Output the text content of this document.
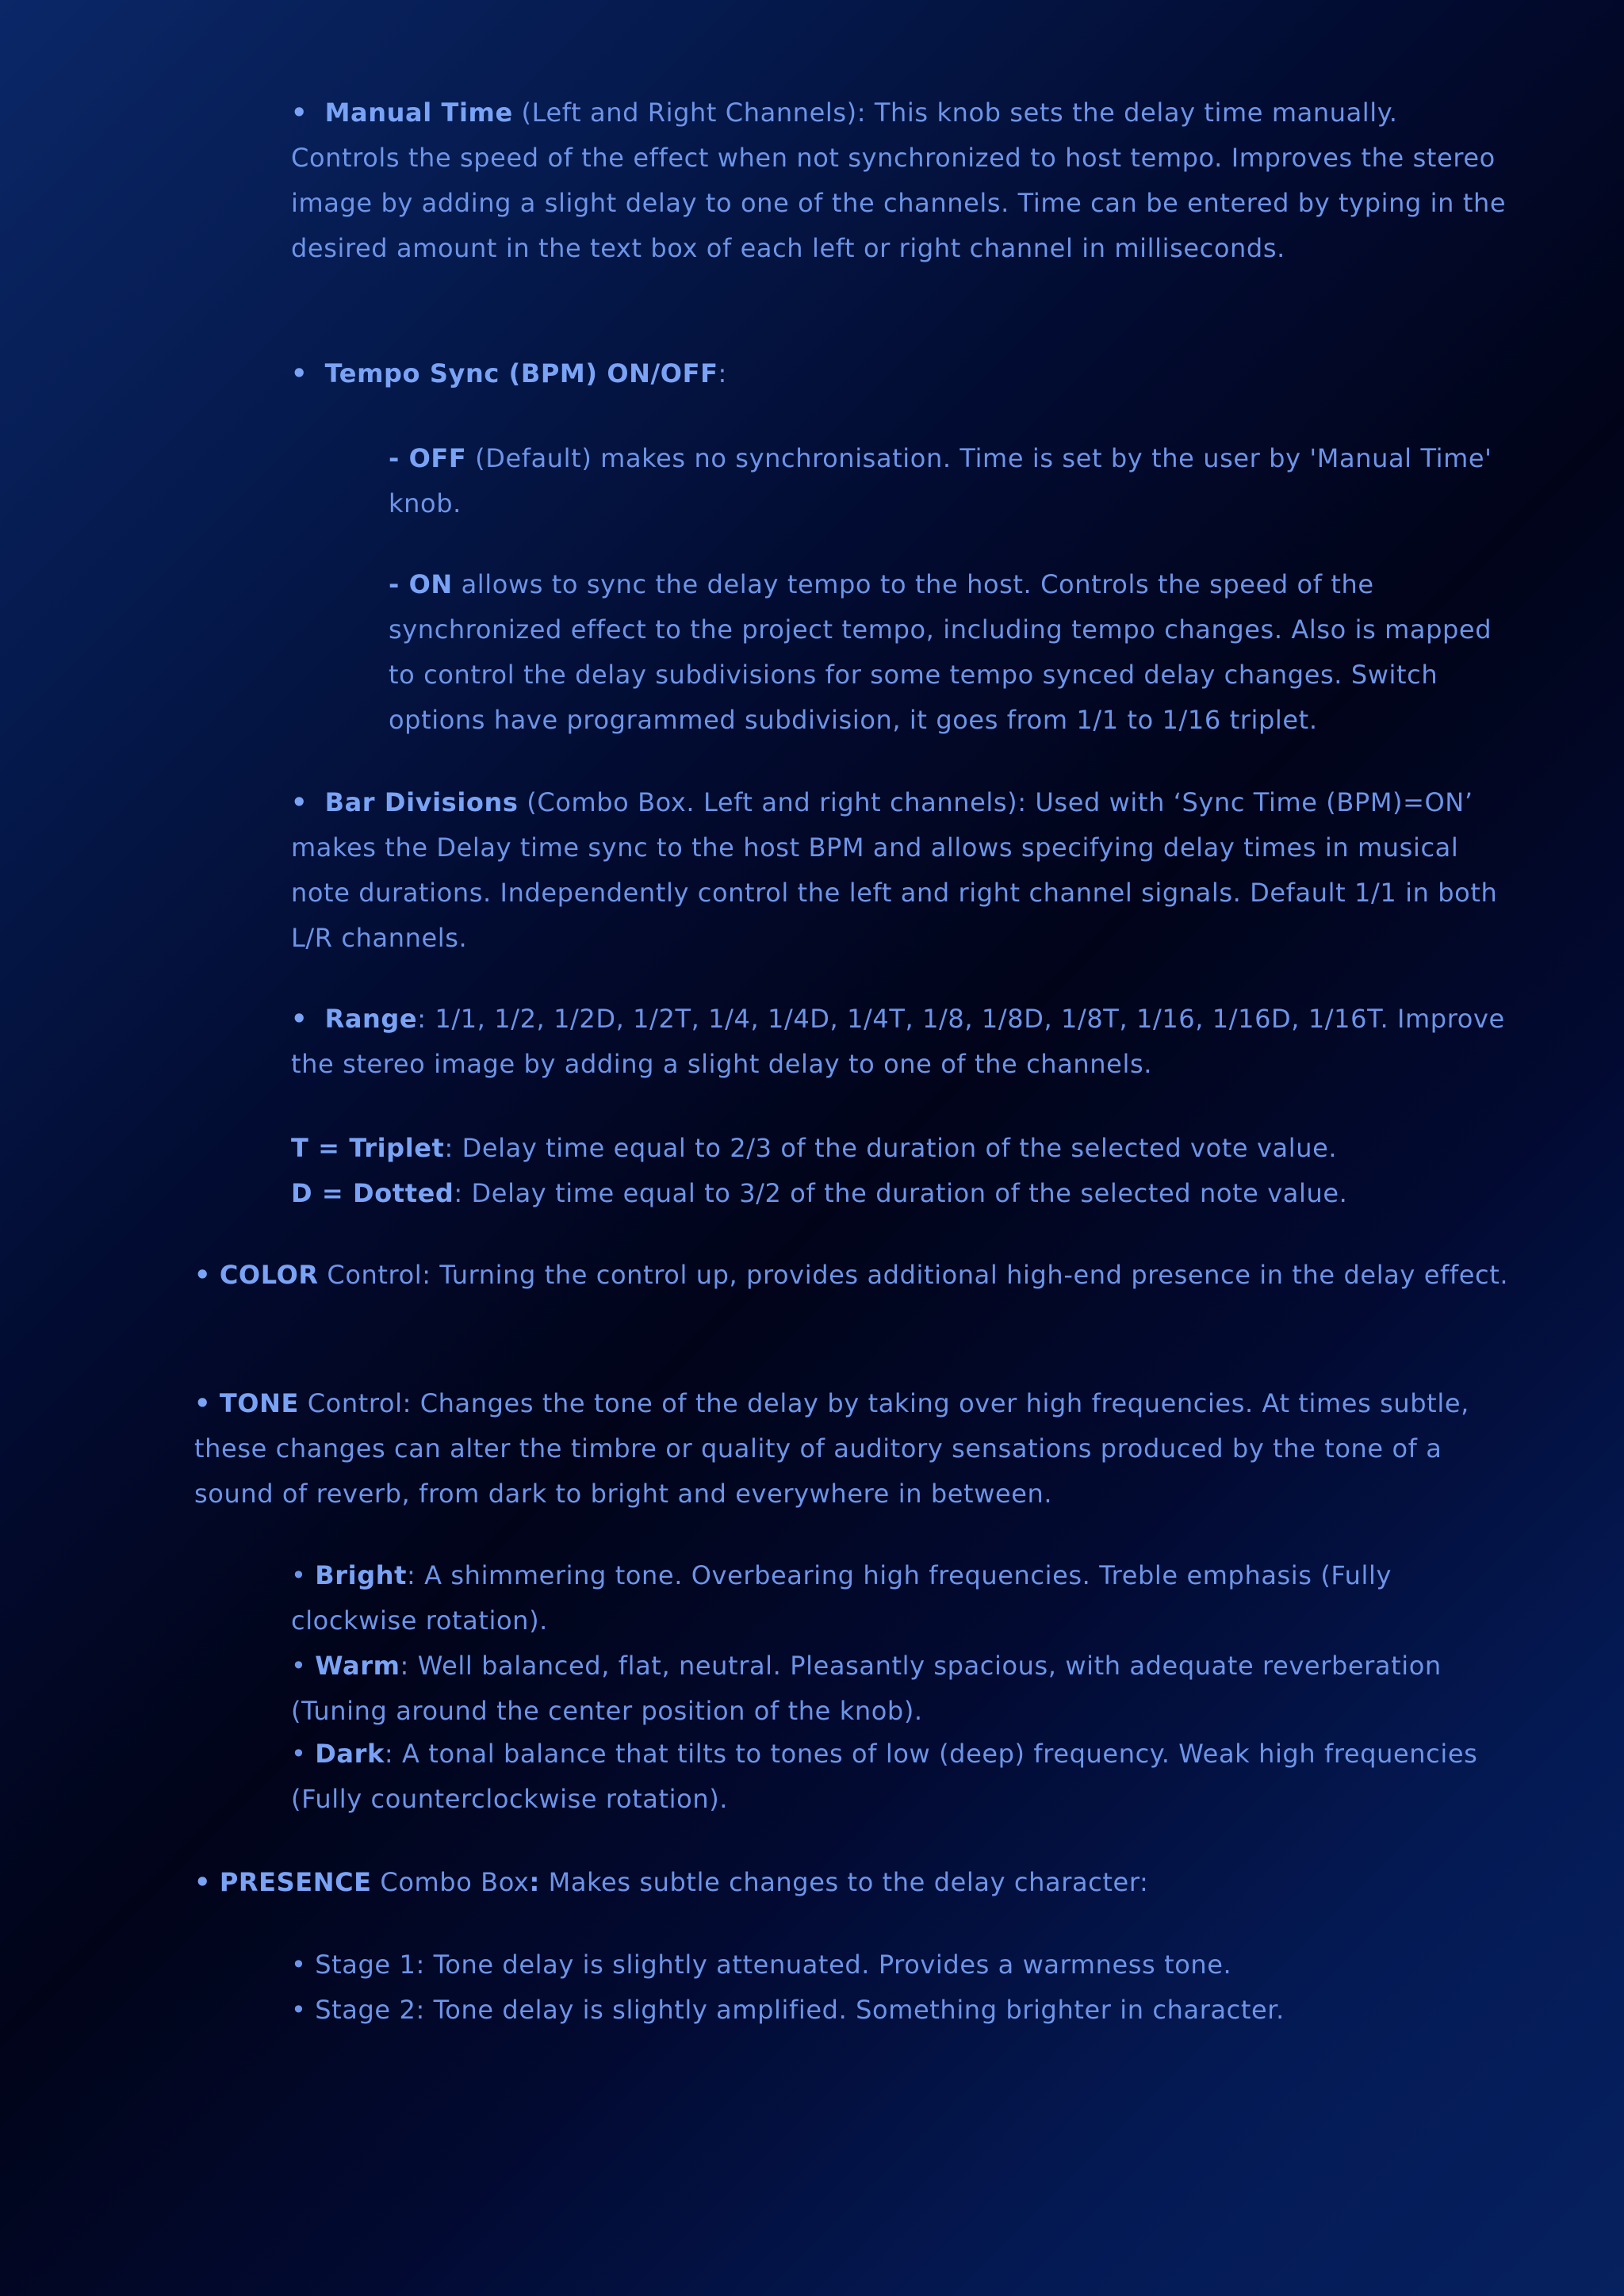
• Manual Time (Left and Right Channels): This knob sets the delay time manually. Controls the speed of the effect when not synchronized to host tempo. Improves the stereo image by adding a slight delay to one of the channels. Time can be entered by typing in the desired amount in the text box of each left or right channel in milliseconds.

• Tempo Sync (BPM) ON/OFF:

- OFF (Default) makes no synchronisation. Time is set by the user by 'Manual Time' knob.

- ON allows to sync the delay tempo to the host. Controls the speed of the synchronized effect to the project tempo, including tempo changes. Also is mapped to control the delay subdivisions for some tempo synced delay changes. Switch options have programmed subdivision, it goes from 1/1 to 1/16 triplet.

• Bar Divisions (Combo Box. Left and right channels): Used with ‘Sync Time (BPM)=ON’ makes the Delay time sync to the host BPM and allows specifying delay times in musical note durations. Independently control the left and right channel signals. Default 1/1 in both L/R channels.

• Range: 1/1, 1/2, 1/2D, 1/2T, 1/4, 1/4D, 1/4T, 1/8, 1/8D, 1/8T, 1/16, 1/16D, 1/16T. Improve the stereo image by adding a slight delay to one of the channels.

T = Triplet: Delay time equal to 2/3 of the duration of the selected vote value.

D = Dotted: Delay time equal to 3/2 of the duration of the selected note value.

• COLOR Control: Turning the control up, provides additional high-end presence in the delay effect.

• TONE Control: Changes the tone of the delay by taking over high frequencies. At times subtle, these changes can alter the timbre or quality of auditory sensations produced by the tone of a sound of reverb, from dark to bright and everywhere in between.

• Bright: A shimmering tone. Overbearing high frequencies. Treble emphasis (Fully clockwise rotation).

• Warm: Well balanced, flat, neutral. Pleasantly spacious, with adequate reverberation (Tuning around the center position of the knob).

• Dark: A tonal balance that tilts to tones of low (deep) frequency. Weak high frequencies (Fully counterclockwise rotation).

• PRESENCE Combo Box: Makes subtle changes to the delay character:

• Stage 1: Tone delay is slightly attenuated. Provides a warmness tone.

• Stage 2: Tone delay is slightly amplified. Something brighter in character.
